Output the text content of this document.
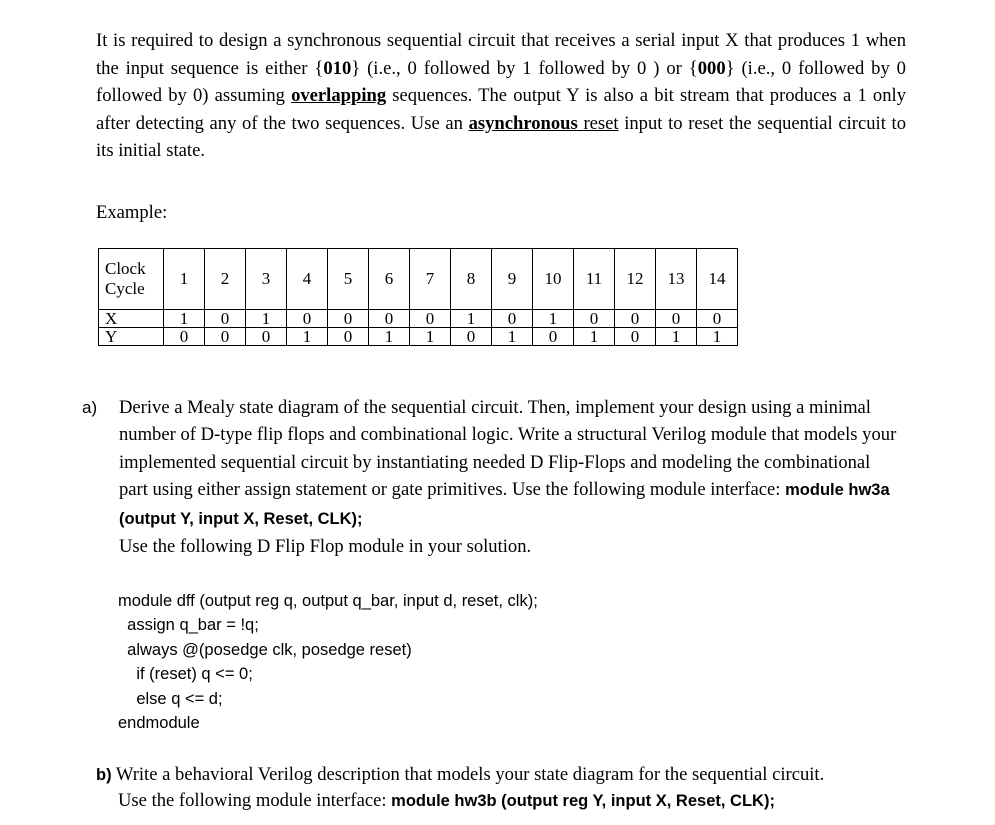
It is required to design a synchronous sequential circuit that receives a serial input X that produces 1 when the input sequence is either {010} (i.e., 0 followed by 1 followed by 0 ) or {000} (i.e., 0 followed by 0 followed by 0) assuming overlapping sequences. The output Y is also a bit stream that produces a 1 only after detecting any of the two sequences. Use an asynchronous reset input to reset the sequential circuit to its initial state.

Example:

Clock
Cycle	1	2	3	4	5	6	7	8	9	10	11	12	13	14
X	1	0	1	0	0	0	0	1	0	1	0	0	0	0
Y	0	0	0	1	0	1	1	0	1	0	1	0	1	1
a) Derive a Mealy state diagram of the sequential circuit. Then, implement your design using a minimal number of D-type flip flops and combinational logic. Write a structural Verilog module that models your implemented sequential circuit by instantiating needed D Flip-Flops and modeling the combinational part using either assign statement or gate primitives. Use the following module interface: module hw3a (output Y, input X, Reset, CLK);
Use the following D Flip Flop module in your solution.
module dff (output reg q, output q_bar, input d, reset, clk);
assign q_bar = !q;
always @(posedge clk, posedge reset)
if (reset) q <= 0;
else q <= d;
endmodule
b) Write a behavioral Verilog description that models your state diagram for the sequential circuit.
Use the following module interface: module hw3b (output reg Y, input X, Reset, CLK);
